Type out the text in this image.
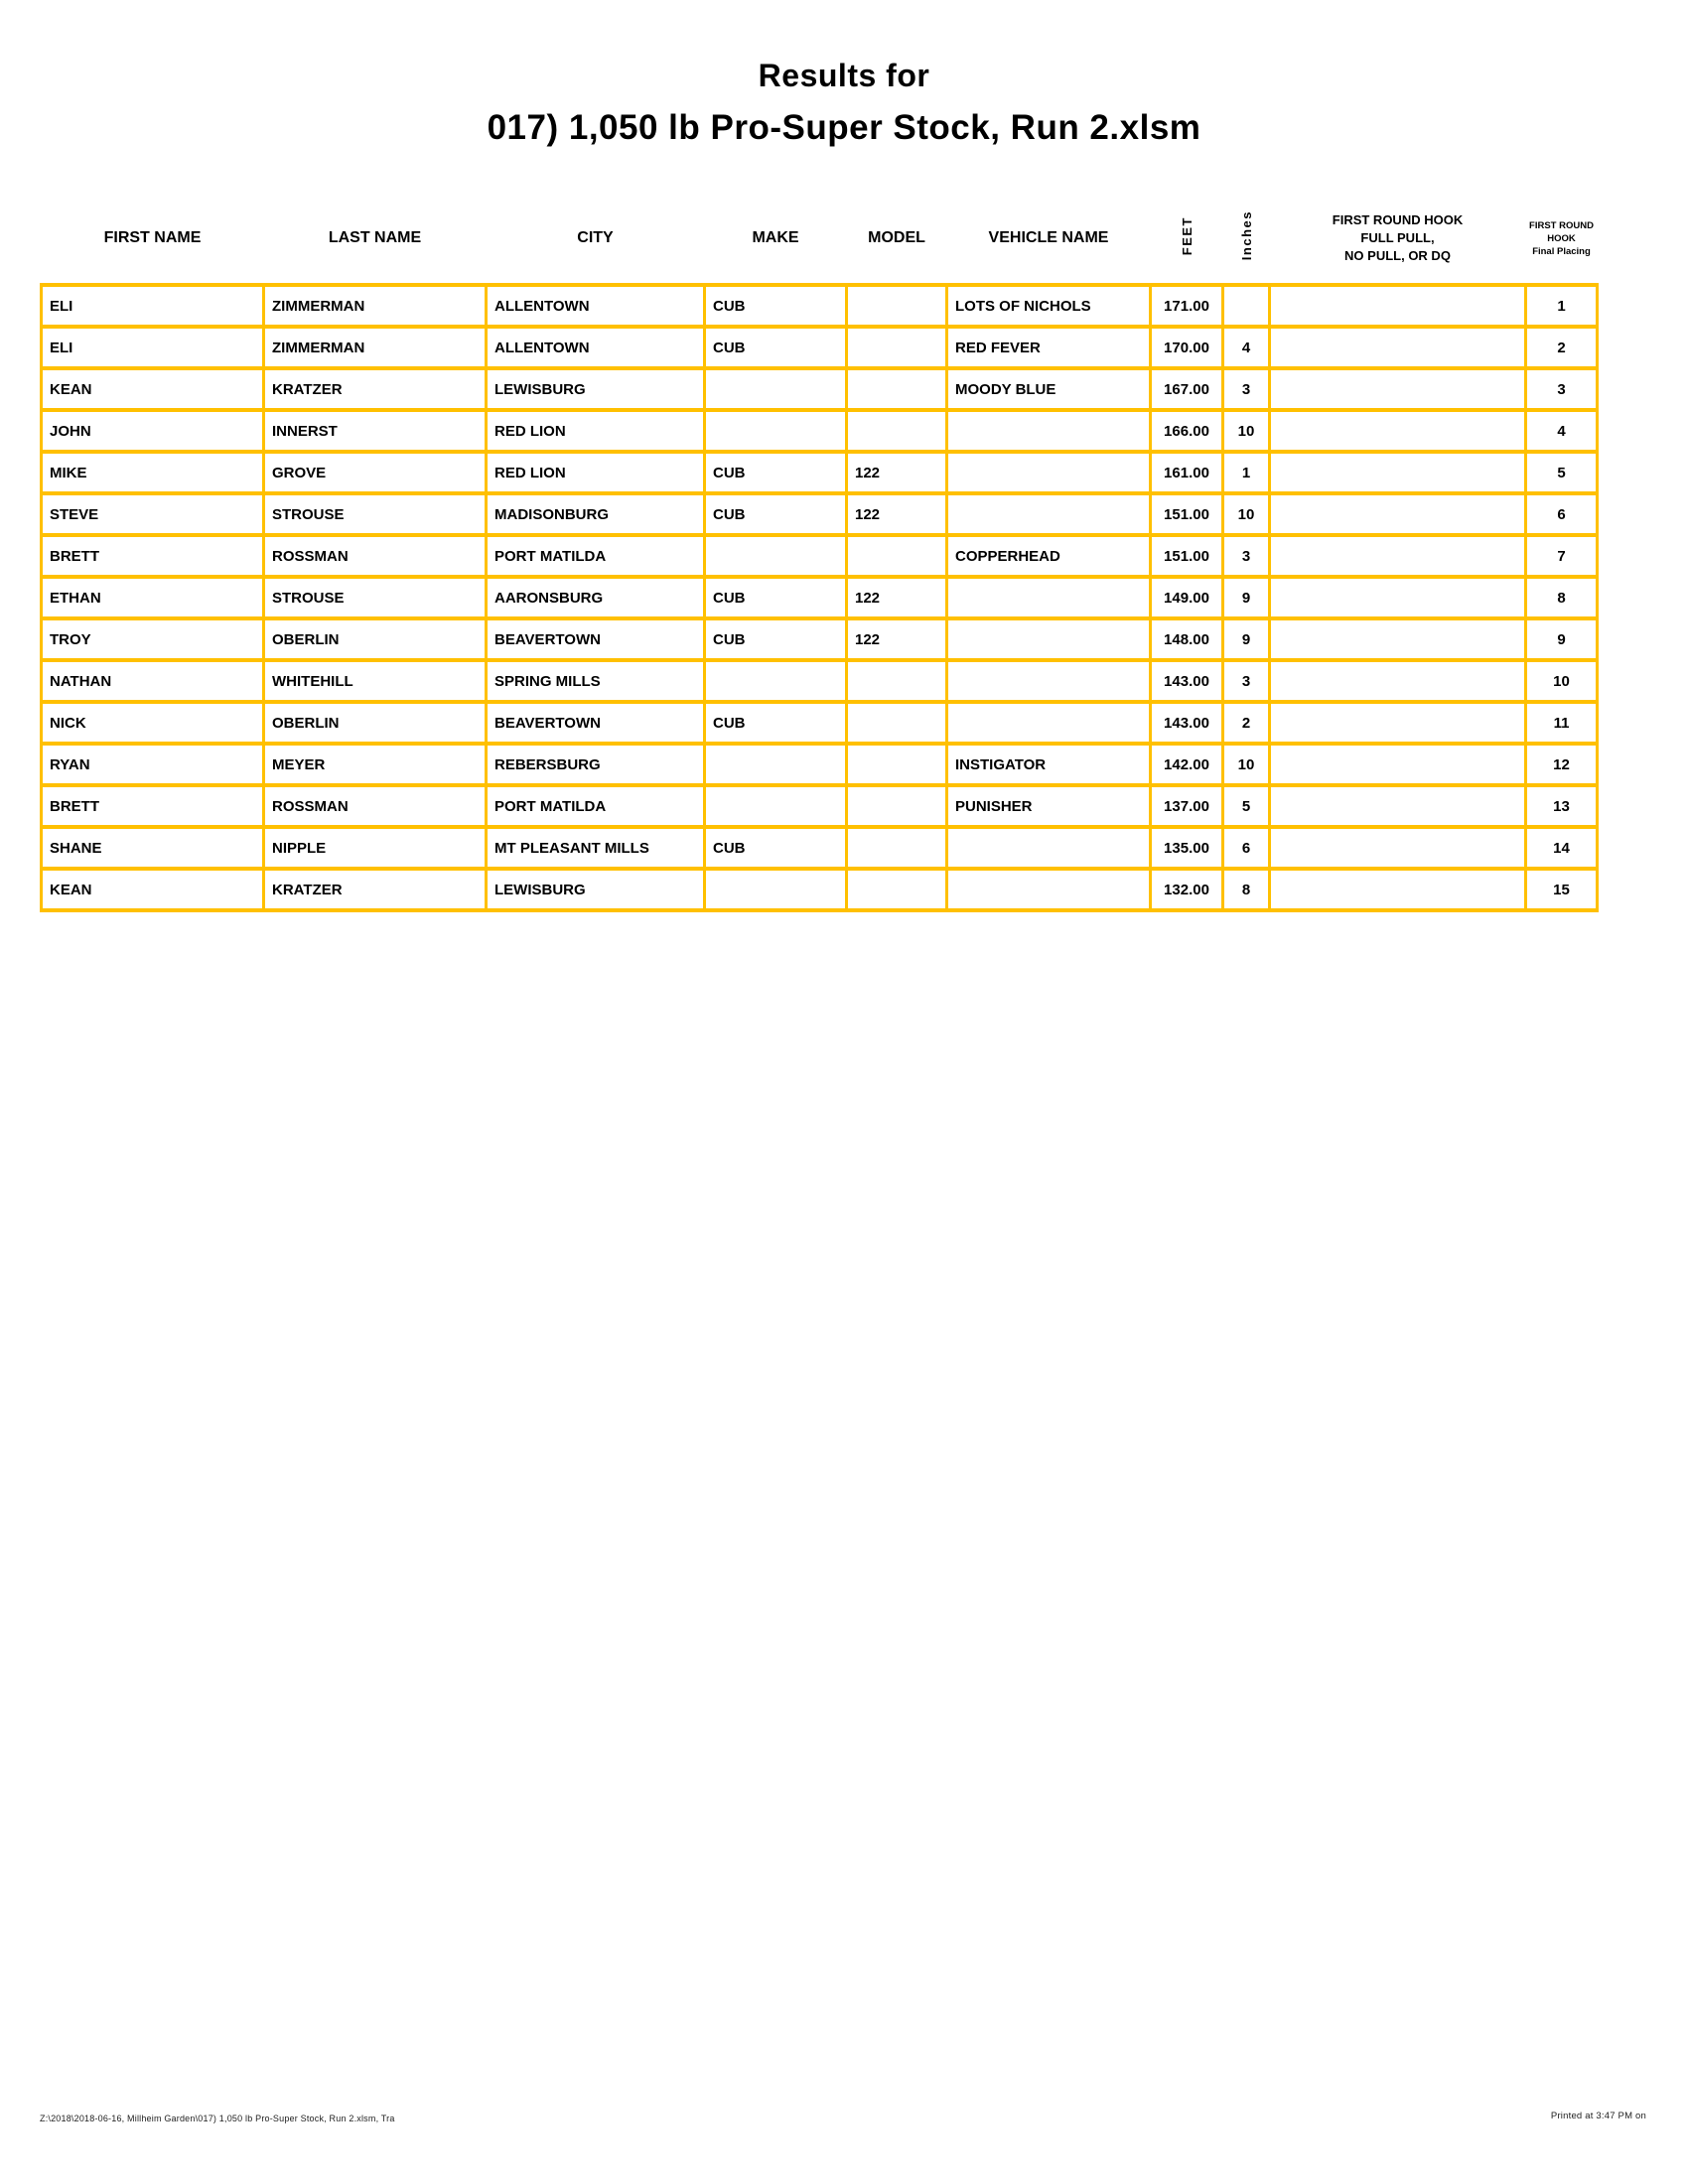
Results for
017) 1,050 lb Pro-Super Stock, Run 2.xlsm
FIRST NAME	LAST NAME	CITY	MAKE	MODEL	VEHICLE NAME	FEET	Inches	FIRST ROUND HOOK
FULL PULL,
NO PULL, OR DQ

FIRST ROUND
HOOK
Final Placing

ELI	ZIMMERMAN	ALLENTOWN	CUB		LOTS OF NICHOLS	171.00			1
ELI	ZIMMERMAN	ALLENTOWN	CUB		RED FEVER	170.00	4		2
KEAN	KRATZER	LEWISBURG			MOODY BLUE	167.00	3		3
JOHN	INNERST	RED LION				166.00	10		4
MIKE	GROVE	RED LION	CUB	122		161.00	1		5
STEVE	STROUSE	MADISONBURG	CUB	122		151.00	10		6
BRETT	ROSSMAN	PORT MATILDA			COPPERHEAD	151.00	3		7
ETHAN	STROUSE	AARONSBURG	CUB	122		149.00	9		8
TROY	OBERLIN	BEAVERTOWN	CUB	122		148.00	9		9
NATHAN	WHITEHILL	SPRING MILLS				143.00	3		10
NICK	OBERLIN	BEAVERTOWN	CUB			143.00	2		11
RYAN	MEYER	REBERSBURG			INSTIGATOR	142.00	10		12
BRETT	ROSSMAN	PORT MATILDA			PUNISHER	137.00	5		13
SHANE	NIPPLE	MT PLEASANT MILLS	CUB			135.00	6		14
KEAN	KRATZER	LEWISBURG				132.00	8		15
Z:\2018\2018-06-16, Millheim Garden\017) 1,050 lb Pro-Super Stock, Run 2.xlsm, Tra	Printed at 3:47 PM on
